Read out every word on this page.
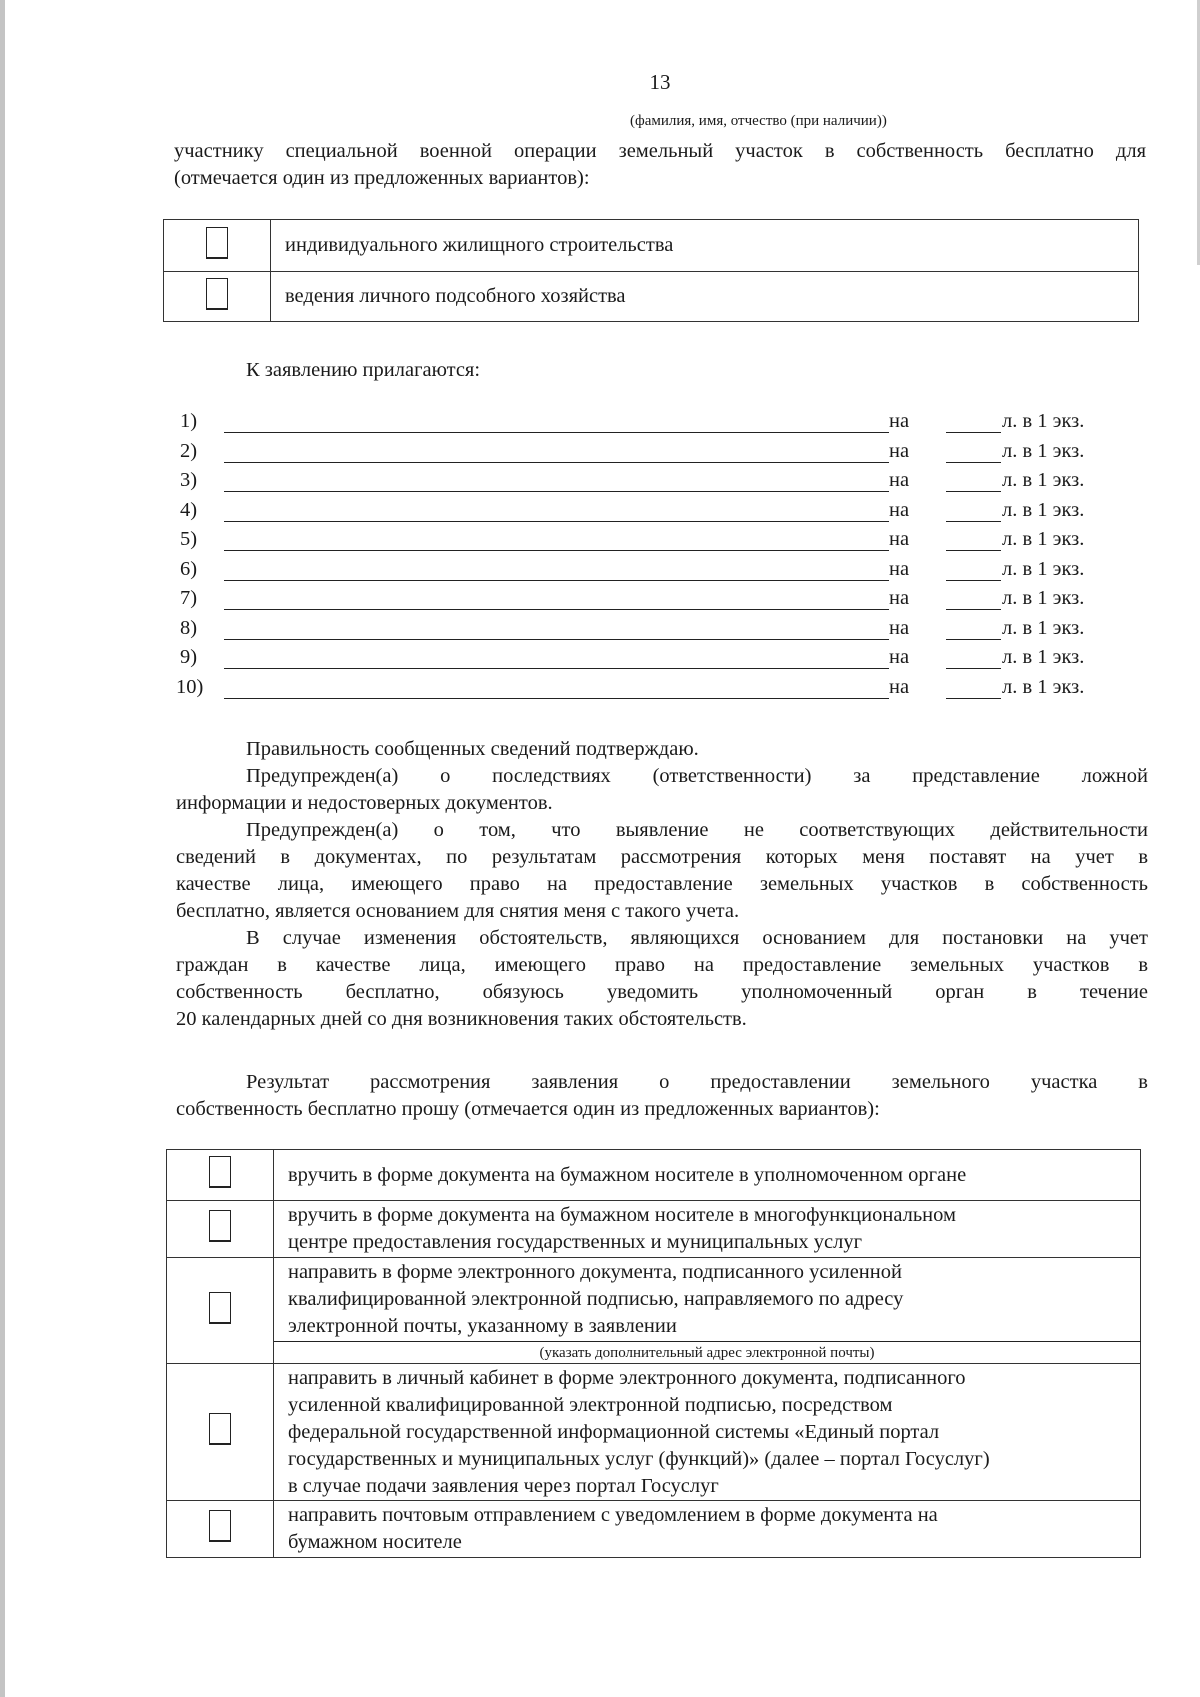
13
(фамилия, имя, отчество (при наличии))
участнику специальной военной операции земельный участок в собственность бесплатно для
(отмечается один из предложенных вариантов):
	индивидуального жилищного строительства
	ведения личного подсобного хозяйства
К заявлению прилагаются:
1)	на	л. в 1 экз.
2)	на	л. в 1 экз.
3)	на	л. в 1 экз.
4)	на	л. в 1 экз.
5)	на	л. в 1 экз.
6)	на	л. в 1 экз.
7)	на	л. в 1 экз.
8)	на	л. в 1 экз.
9)	на	л. в 1 экз.
10)	на	л. в 1 экз.
Правильность сообщенных сведений подтверждаю.
Предупрежден(а) о последствиях (ответственности) за представление ложной
информации и недостоверных документов.
Предупрежден(а) о том, что выявление не соответствующих действительности
сведений в документах, по результатам рассмотрения которых меня поставят на учет в
качестве лица, имеющего право на предоставление земельных участков в собственность
бесплатно, является основанием для снятия меня с такого учета.
В случае изменения обстоятельств, являющихся основанием для постановки на учет
граждан в качестве лица, имеющего право на предоставление земельных участков в
собственность бесплатно, обязуюсь уведомить уполномоченный орган в течение
20 календарных дней со дня возникновения таких обстоятельств.
Результат рассмотрения заявления о предоставлении земельного участка в
собственность бесплатно прошу (отмечается один из предложенных вариантов):

	вручить в форме документа на бумажном носителе в уполномоченном органе

	вручить в форме документа на бумажном носителе в многофункциональном
центре предоставления государственных и муниципальных услуг

	направить в форме электронного документа, подписанного усиленной
квалифицированной электронной подписью, направляемого по адресу
электронной почты, указанному в заявлении

	(указать дополнительный адрес электронной почты)

	направить в личный кабинет в форме электронного документа, подписанного
усиленной квалифицированной электронной подписью, посредством
федеральной государственной информационной системы «Единый портал
государственных и муниципальных услуг (функций)» (далее – портал Госуслуг)
в случае подачи заявления через портал Госуслуг

	направить почтовым отправлением с уведомлением в форме документа на
бумажном носителе
